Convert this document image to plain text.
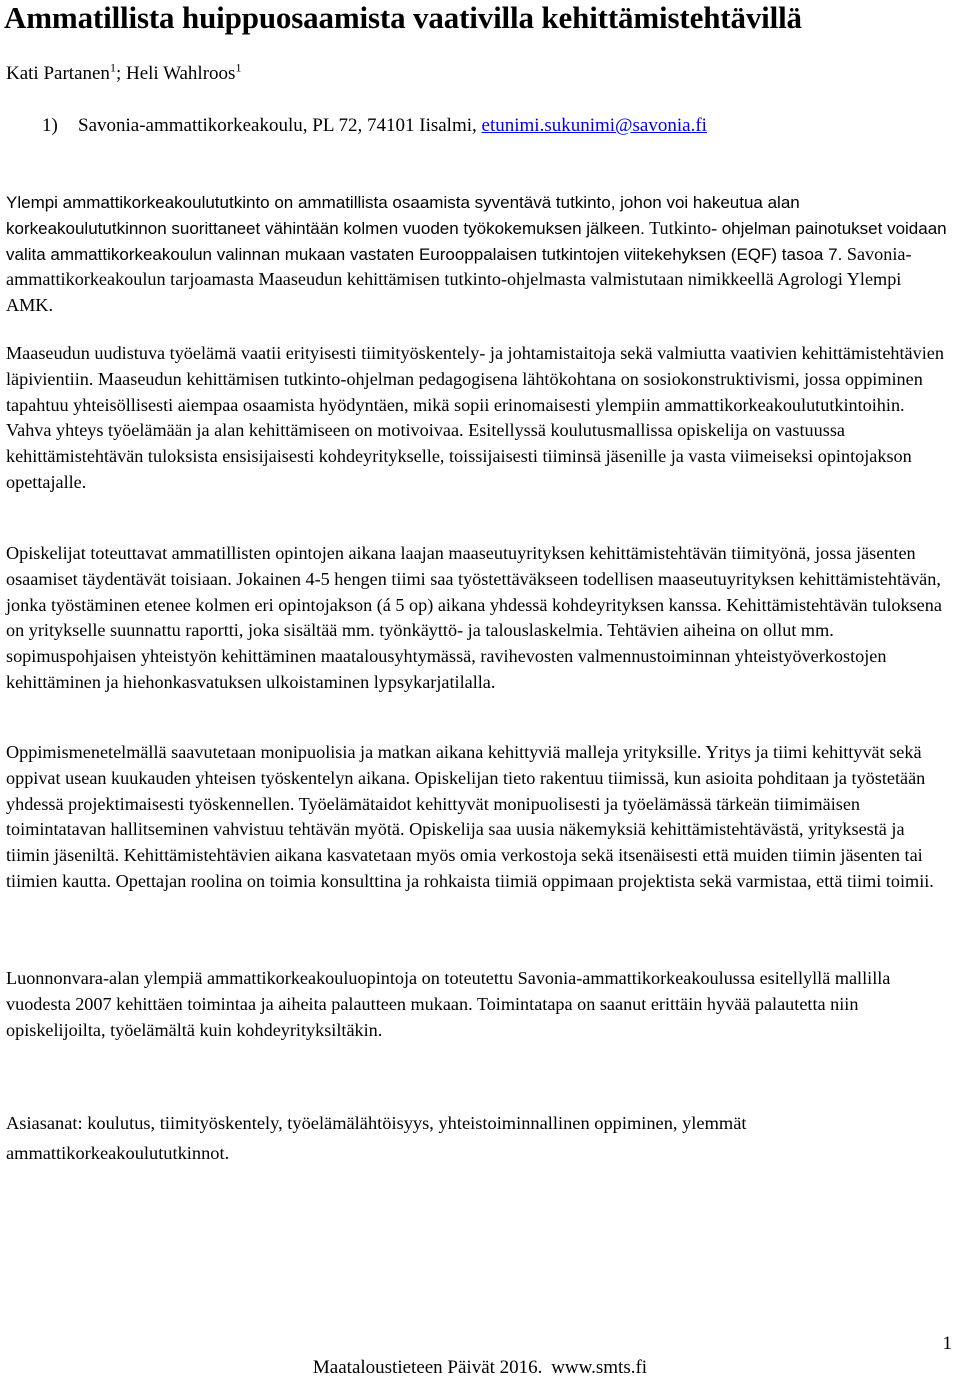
Ammatillista huippuosaamista vaativilla kehittämistehtävillä
Kati Partanen$^1$; Heli Wahlroos$^1$
1) Savonia-ammattikorkeakoulu, PL 72, 74101 Iisalmi, etunimi.sukunimi@savonia.fi

Ylempi ammattikorkeakoulututkinto on ammatillista osaamista syventävä tutkinto, johon voi hakeutua alan korkeakoulututkinnon suorittaneet vähintään kolmen vuoden työkokemuksen jälkeen. Tutkinto- ohjelman painotukset voidaan valita ammattikorkeakoulun valinnan mukaan vastaten Eurooppalaisen tutkintojen viitekehyksen (EQF) tasoa 7. Savonia-ammattikorkeakoulun tarjoamasta Maaseudun kehittämisen tutkinto-ohjelmasta valmistutaan nimikkeellä Agrologi Ylempi AMK.

Maaseudun uudistuva työelämä vaatii erityisesti tiimityöskentely- ja johtamistaitoja sekä valmiutta vaativien kehittämistehtävien läpivientiin. Maaseudun kehittämisen tutkinto-ohjelman pedagogisena lähtökohtana on sosiokonstruktivismi, jossa oppiminen tapahtuu yhteisöllisesti aiempaa osaamista hyödyntäen, mikä sopii erinomaisesti ylempiin ammattikorkeakoulututkintoihin. Vahva yhteys työelämään ja alan kehittämiseen on motivoivaa. Esitellyssä koulutusmallissa opiskelija on vastuussa kehittämistehtävän tuloksista ensisijaisesti kohdeyritykselle, toissijaisesti tiiminsä jäsenille ja vasta viimeiseksi opintojakson opettajalle.

Opiskelijat toteuttavat ammatillisten opintojen aikana laajan maaseutuyrityksen kehittämistehtävän tiimityönä, jossa jäsenten osaamiset täydentävät toisiaan. Jokainen 4-5 hengen tiimi saa työstettäväkseen todellisen maaseutuyrityksen kehittämistehtävän, jonka työstäminen etenee kolmen eri opintojakson (á 5 op) aikana yhdessä kohdeyrityksen kanssa. Kehittämistehtävän tuloksena on yritykselle suunnattu raportti, joka sisältää mm. työnkäyttö- ja talouslaskelmia. Tehtävien aiheina on ollut mm. sopimuspohjaisen yhteistyön kehittäminen maatalousyhtymässä, ravihevosten valmennustoiminnan yhteistyöverkostojen kehittäminen ja hiehonkasvatuksen ulkoistaminen lypsykarjatilalla.

Oppimismenetelmällä saavutetaan monipuolisia ja matkan aikana kehittyviä malleja yrityksille. Yritys ja tiimi kehittyvät sekä oppivat usean kuukauden yhteisen työskentelyn aikana. Opiskelijan tieto rakentuu tiimissä, kun asioita pohditaan ja työstetään yhdessä projektimaisesti työskennellen. Työelämätaidot kehittyvät monipuolisesti ja työelämässä tärkeän tiimimäisen toimintatavan hallitseminen vahvistuu tehtävän myötä. Opiskelija saa uusia näkemyksiä kehittämistehtävästä, yrityksestä ja tiimin jäseniltä. Kehittämistehtävien aikana kasvatetaan myös omia verkostoja sekä itsenäisesti että muiden tiimin jäsenten tai tiimien kautta. Opettajan roolina on toimia konsulttina ja rohkaista tiimiä oppimaan projektista sekä varmistaa, että tiimi toimii.

Luonnonvara-alan ylempiä ammattikorkeakouluopintoja on toteutettu Savonia-ammattikorkeakoulussa esitellyllä mallilla vuodesta 2007 kehittäen toimintaa ja aiheita palautteen mukaan. Toimintatapa on saanut erittäin hyvää palautetta niin opiskelijoilta, työelämältä kuin kohdeyrityksiltäkin.

Asiasanat: koulutus, tiimityöskentely, työelämälähtöisyys, yhteistoiminnallinen oppiminen, ylemmät ammattikorkeakoulututkinnot.

1
Maataloustieteen Päivät 2016. www.smts.fi
